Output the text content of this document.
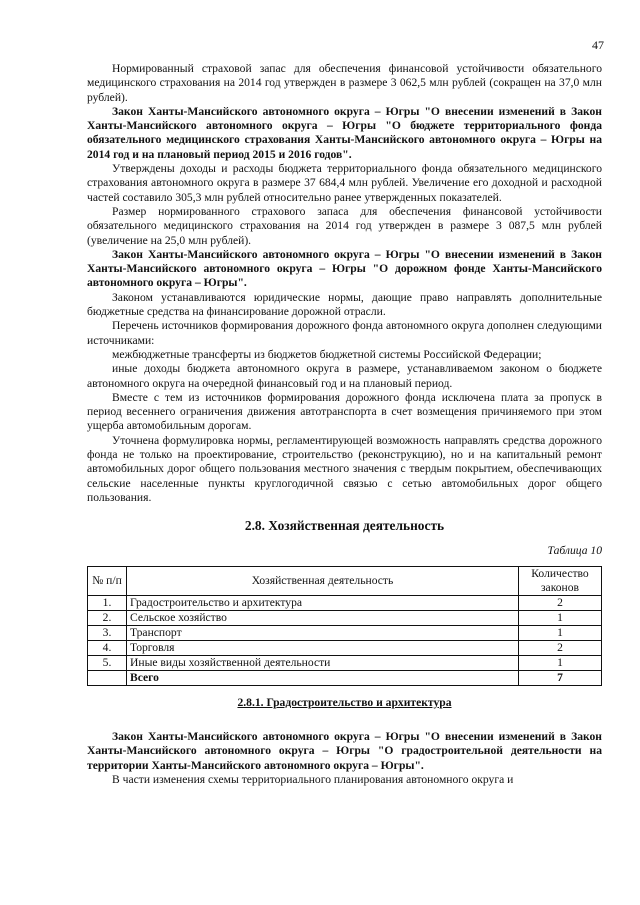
47

Нормированный страховой запас для обеспечения финансовой устойчивости обязательного медицинского страхования на 2014 год утвержден в размере 3 062,5 млн рублей (сокращен на 37,0 млн рублей).

Закон Ханты-Мансийского автономного округа – Югры "О внесении изменений в Закон Ханты-Мансийского автономного округа – Югры "О бюджете территориального фонда обязательного медицинского страхования Ханты-Мансийского автономного округа – Югры на 2014 год и на плановый период 2015 и 2016 годов".

Утверждены доходы и расходы бюджета территориального фонда обязательного медицинского страхования автономного округа в размере 37 684,4 млн рублей. Увеличение его доходной и расходной частей составило 305,3 млн рублей относительно ранее утвержденных показателей.

Размер нормированного страхового запаса для обеспечения финансовой устойчивости обязательного медицинского страхования на 2014 год утвержден в размере 3 087,5 млн рублей (увеличение на 25,0 млн рублей).

Закон Ханты-Мансийского автономного округа – Югры "О внесении изменений в Закон Ханты-Мансийского автономного округа – Югры "О дорожном фонде Ханты-Мансийского автономного округа – Югры".

Законом устанавливаются юридические нормы, дающие право направлять дополнительные бюджетные средства на финансирование дорожной отрасли.

Перечень источников формирования дорожного фонда автономного округа дополнен следующими источниками:

межбюджетные трансферты из бюджетов бюджетной системы Российской Федерации;

иные доходы бюджета автономного округа в размере, устанавливаемом законом о бюджете автономного округа на очередной финансовый год и на плановый период.

Вместе с тем из источников формирования дорожного фонда исключена плата за пропуск в период весеннего ограничения движения автотранспорта в счет возмещения причиняемого при этом ущерба автомобильным дорогам.

Уточнена формулировка нормы, регламентирующей возможность направлять средства дорожного фонда не только на проектирование, строительство (реконструкцию), но и на капитальный ремонт автомобильных дорог общего пользования местного значения с твердым покрытием, обеспечивающих сельские населенные пункты круглогодичной связью с сетью автомобильных дорог общего пользования.

2.8. Хозяйственная деятельность
Таблица 10
№ п/п	Хозяйственная деятельность	Количество законов
1.	Градостроительство и архитектура	2
2.	Сельское хозяйство	1
3.	Транспорт	1
4.	Торговля	2
5.	Иные виды хозяйственной деятельности	1
	Всего	7
2.8.1. Градостроительство и архитектура

Закон Ханты-Мансийского автономного округа – Югры "О внесении изменений в Закон Ханты-Мансийского автономного округа – Югры "О градостроительной деятельности на территории Ханты-Мансийского автономного округа – Югры".

В части изменения схемы территориального планирования автономного округа и
